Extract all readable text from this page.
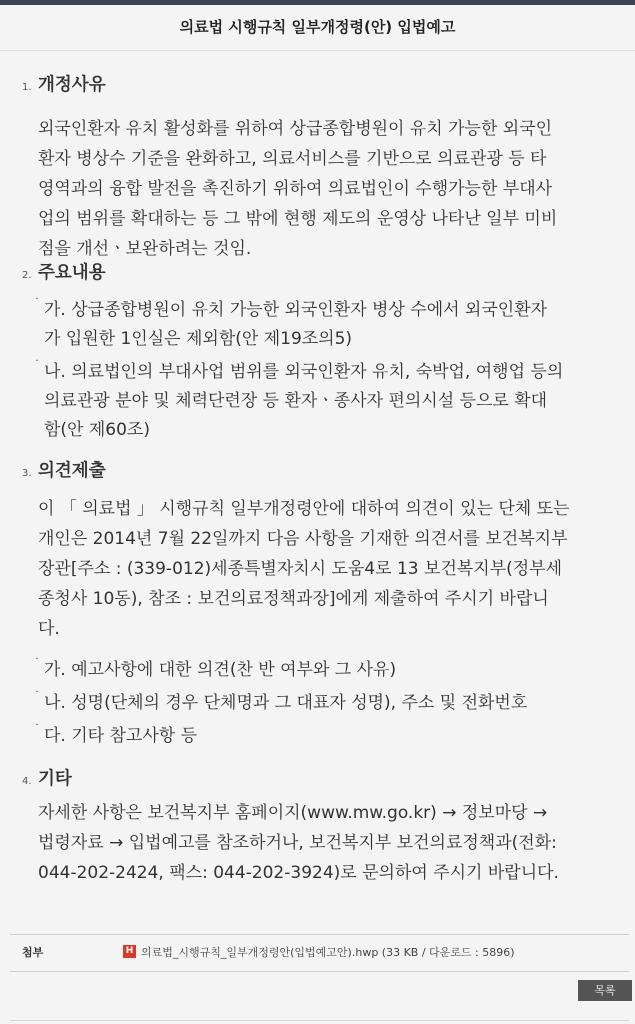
의료법 시행규칙 일부개정령(안) 입법예고
1. 개정사유
외국인환자 유치 활성화를 위하여 상급종합병원이 유치 가능한 외국인
환자 병상수 기준을 완화하고, 의료서비스를 기반으로 의료관광 등 타
영역과의 융합 발전을 촉진하기 위하여 의료법인이 수행가능한 부대사
업의 범위를 확대하는 등 그 밖에 현행 제도의 운영상 나타난 일부 미비
점을 개선ㆍ보완하려는 것임.
2. 주요내용
˙ 가. 상급종합병원이 유치 가능한 외국인환자 병상 수에서 외국인환자
가 입원한 1인실은 제외함(안 제19조의5)
˙ 나. 의료법인의 부대사업 범위를 외국인환자 유치, 숙박업, 여행업 등의
의료관광 분야 및 체력단련장 등 환자ㆍ종사자 편의시설 등으로 확대
함(안 제60조)
3. 의견제출
이 「 의료법 」 시행규칙 일부개정령안에 대하여 의견이 있는 단체 또는
개인은 2014년 7월 22일까지 다음 사항을 기재한 의견서를 보건복지부
장관[주소 : (339-012)세종특별자치시 도움4로 13 보건복지부(정부세
종청사 10동), 참조 : 보건의료정책과장]에게 제출하여 주시기 바랍니
다.
˙ 가. 예고사항에 대한 의견(찬 반 여부와 그 사유)
˙ 나. 성명(단체의 경우 단체명과 그 대표자 성명), 주소 및 전화번호
˙ 다. 기타 참고사항 등
4. 기타
자세한 사항은 보건복지부 홈페이지(www.mw.go.kr) → 정보마당 →
법령자료 → 입법예고를 참조하거나, 보건복지부 보건의료정책과(전화:
044-202-2424, 팩스: 044-202-3924)로 문의하여 주시기 바랍니다.
첨부	H 의료법_시행규칙_일부개정령안(입법예고안).hwp (33 KB / 다운로드 : 5896)
목록
